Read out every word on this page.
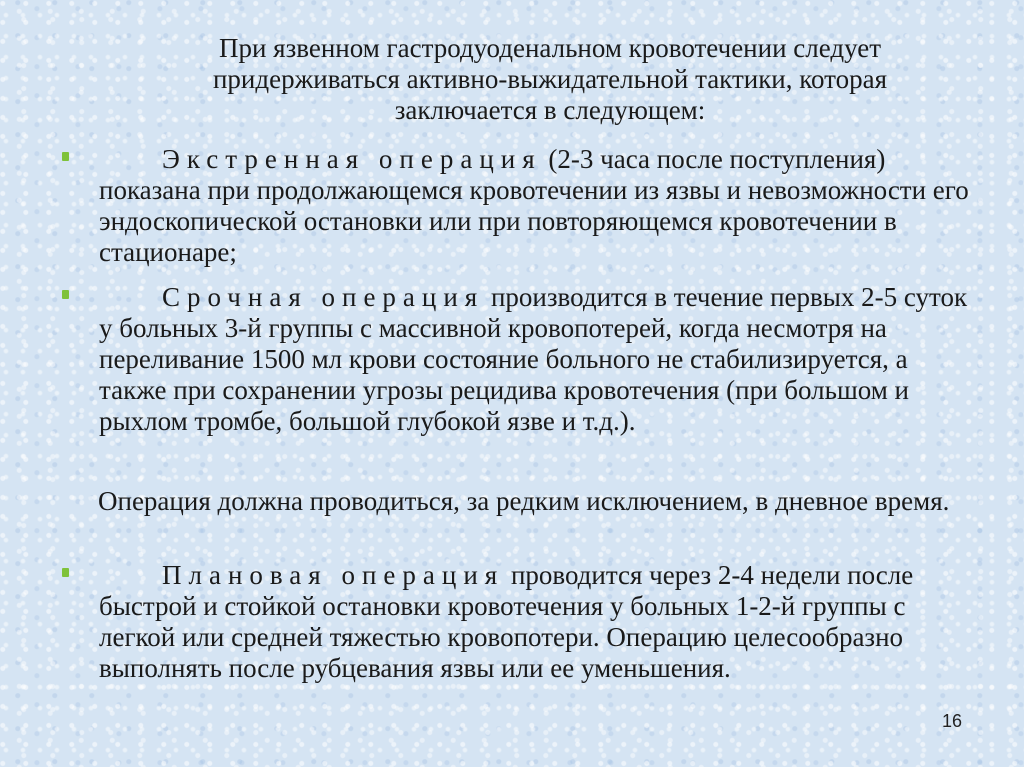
При язвенном гастродуоденальном кровотечении следует
придерживаться активно-выжидательной тактики, которая
заключается в следующем:

Экстренная операция (2-3 часа после поступления) показана при продолжающемся кровотечении из язвы и невозможности его эндоскопической остановки или при повторяющемся кровотечении в стационаре;

Срочная операция производится в течение первых 2-5 суток у больных 3-й группы с массивной кровопотерей, когда несмотря на переливание 1500 мл крови состояние больного не стабилизируется, а также при сохранении угрозы рецидива кровотечения (при большом и рыхлом тромбе, большой глубокой язве и т.д.).

Операция должна проводиться, за редким исключением, в дневное время.

Плановая операция проводится через 2-4 недели после быстрой и стойкой остановки кровотечения у больных 1-2-й группы с легкой или средней тяжестью кровопотери. Операцию целесообразно выполнять после рубцевания язвы или ее уменьшения.

16
